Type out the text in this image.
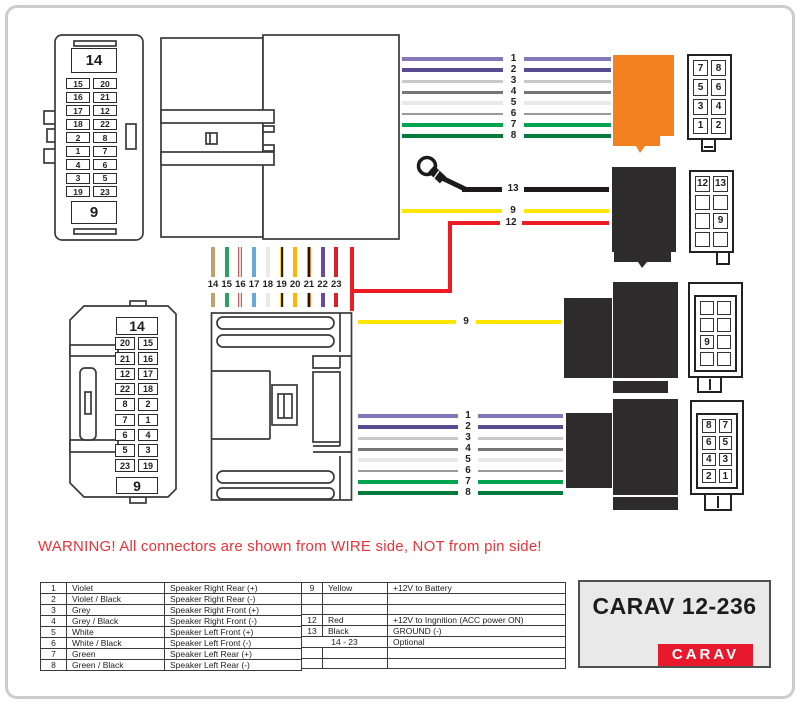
14
15	20
16	21
17	12
18	22
2	8
1	7
4	6
3	5
19	23
9
14
20	15
21	16
12	17
22	18
8	2
7	1
6	4
5	3
23	19
9
13
9
12
9
7	8
5	6
3	4
1	2
12 13
9
9
8	7
6	5
4	3
2	1
WARNING! All connectors are shown from WIRE side, NOT from pin side!
1	Violet	Speaker Right Rear (+)
2	Violet / Black	Speaker Right Rear (-)
3	Grey	Speaker Right Front (+)
4	Grey / Black	Speaker Right Front (-)
5	White	Speaker Left Front (+)
6	White / Black	Speaker Left Front (-)
7	Green	Speaker Left Rear (+)
8	Green / Black	Speaker Left Rear (-)
9	Yellow	+12V to Battery

12	Red	+12V to Ingnition (ACC power ON)
13	Black	GROUND (-)
14 - 23		Optional

CARAV 12-236
CARAV
1
2
3
4
5
6
7
8
1
2
3
4
5
6
7
8
14 15 16 17 18 19 20 21 22 23
